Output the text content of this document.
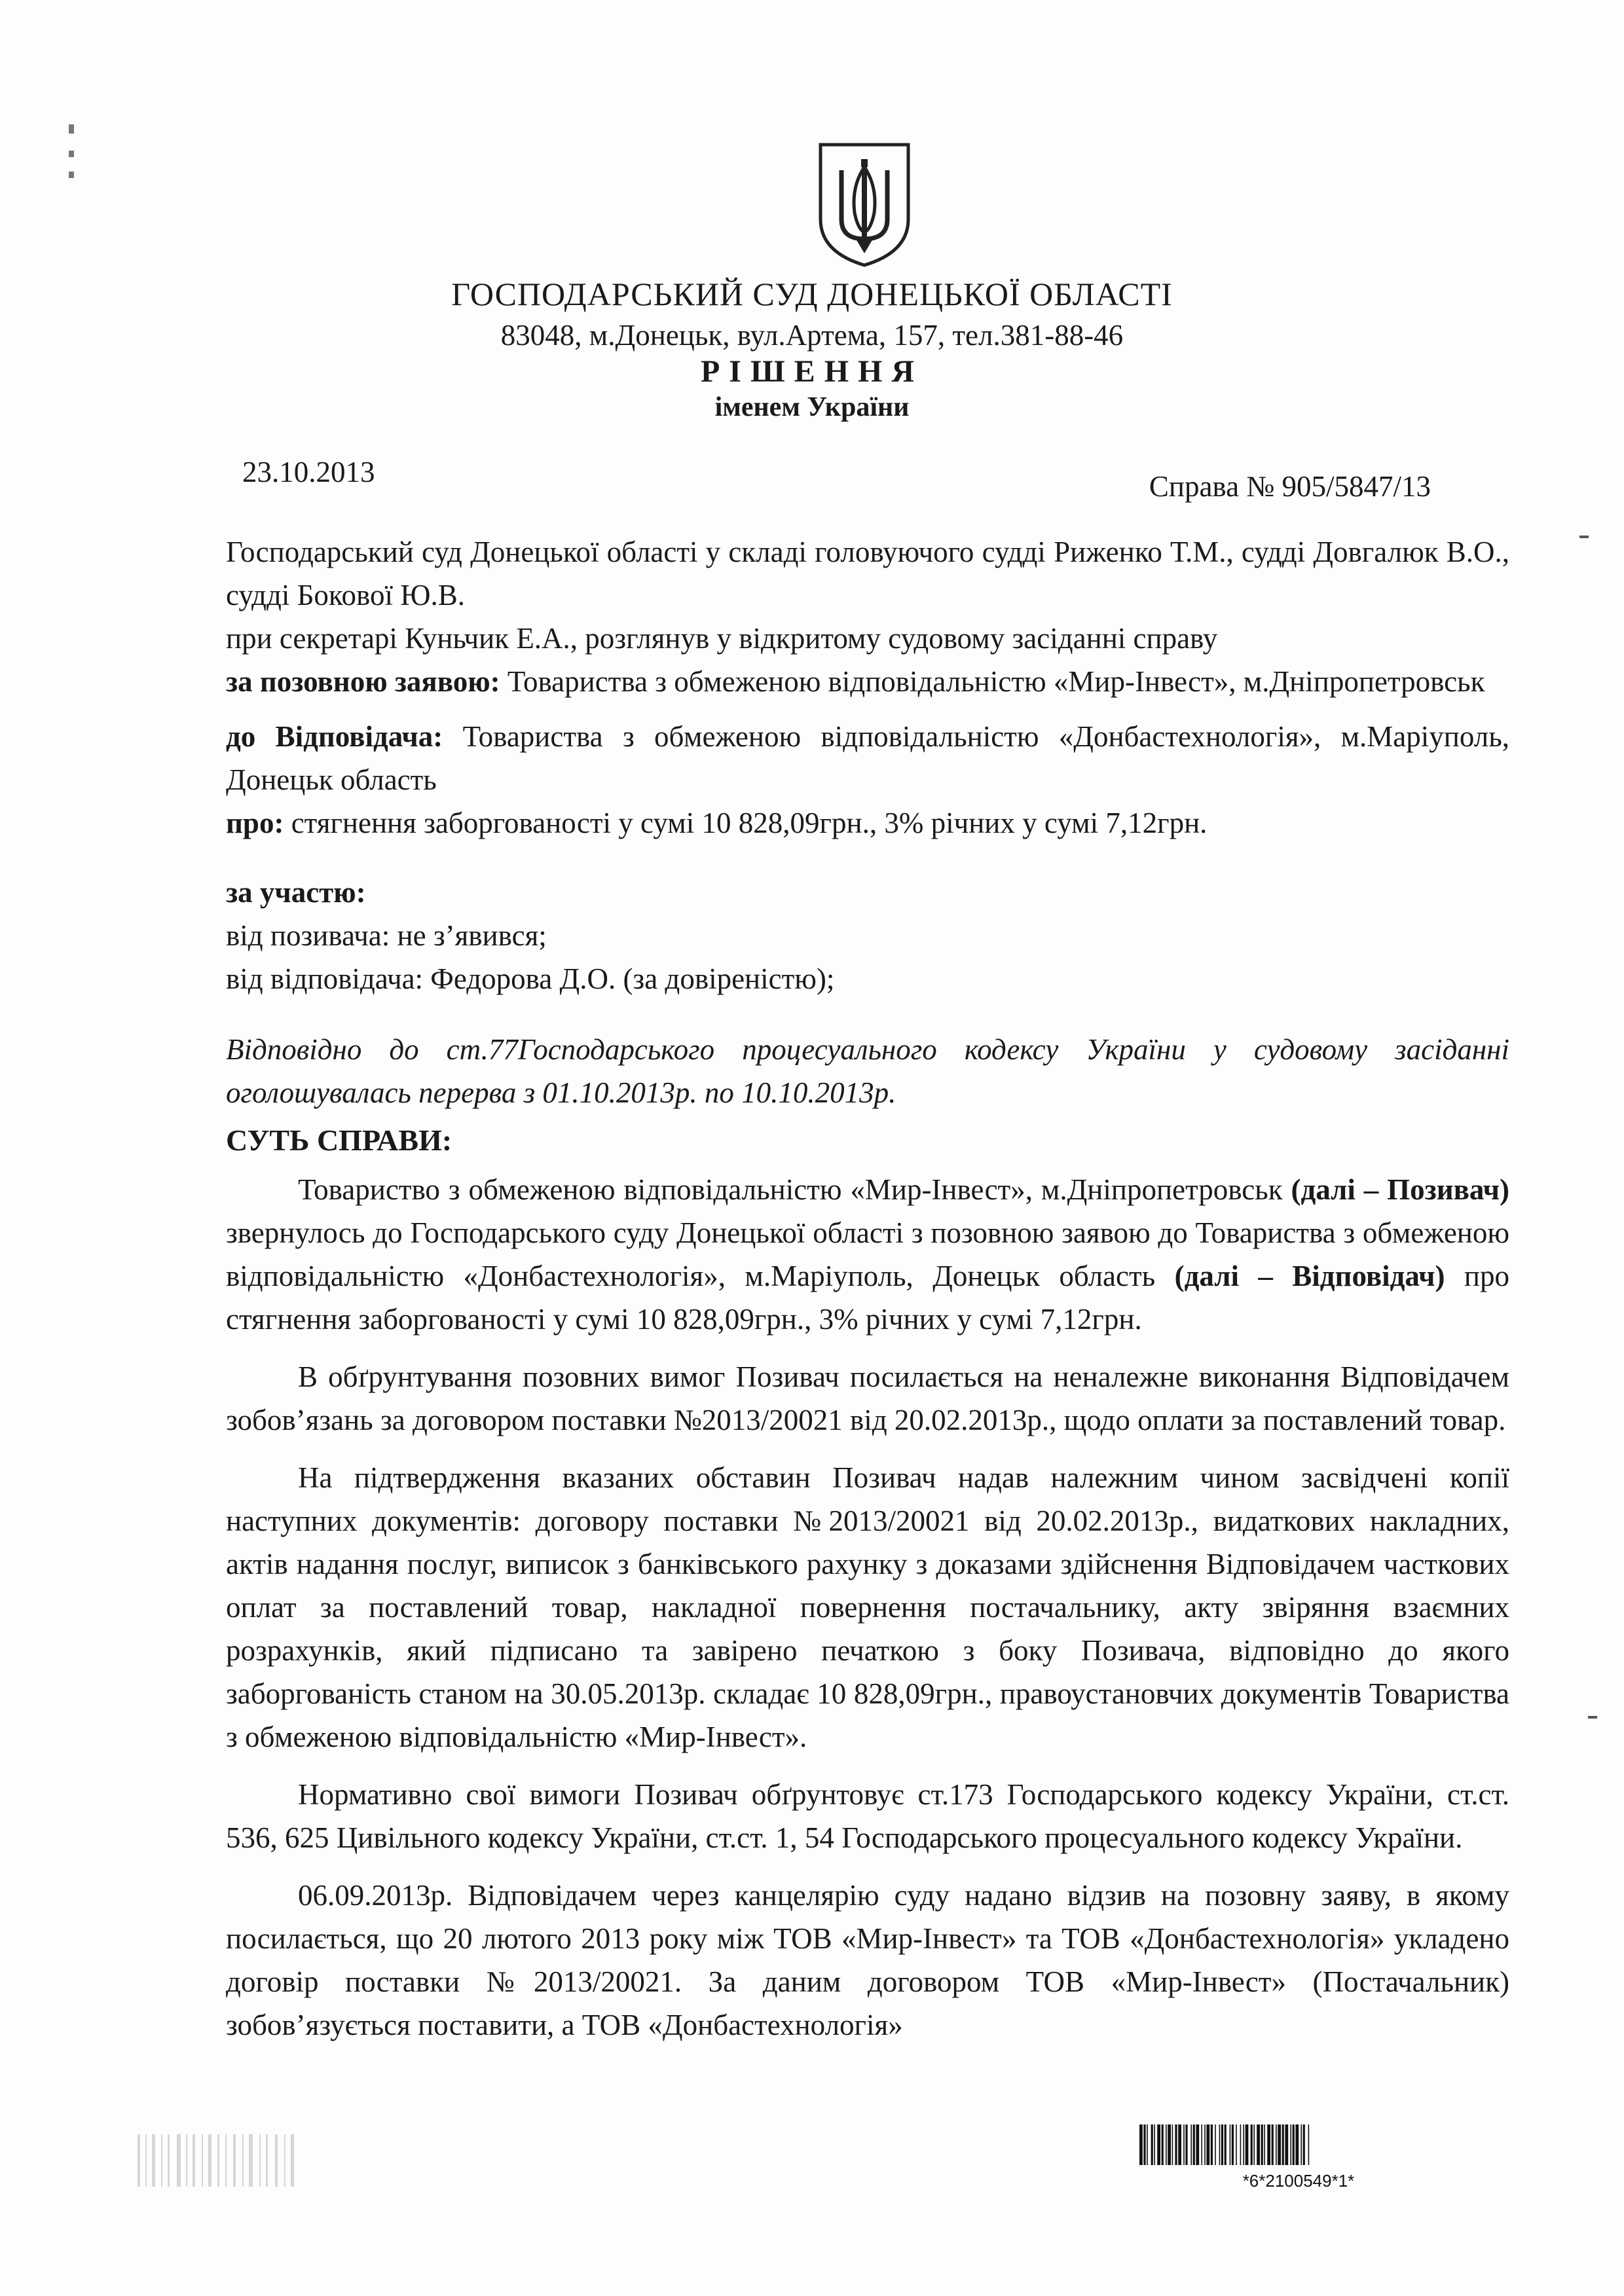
ГОСПОДАРСЬКИЙ СУД ДОНЕЦЬКОЇ ОБЛАСТІ
83048, м.Донецьк, вул.Артема, 157, тел.381-88-46
РІШЕННЯ
іменем України
23.10.2013	Справа № 905/5847/13

Господарський суд Донецької області у складі головуючого судді Риженко Т.М., судді Довгалюк В.О., судді Бокової Ю.В.

при секретарі Куньчик Е.А., розглянув у відкритому судовому засіданні справу

за позовною заявою: Товариства з обмеженою відповідальністю «Мир-Інвест», м.Дніпропетровськ

до Відповідача: Товариства з обмеженою відповідальністю «Донбастехнологія», м.Маріуполь, Донецьк область

про: стягнення заборгованості у сумі 10 828,09грн., 3% річних у сумі 7,12грн.

за участю:

від позивача: не з’явився;

від відповідача: Федорова Д.О. (за довіреністю);

Відповідно до ст.77Господарського процесуального кодексу України у судовому засіданні оголошувалась перерва з 01.10.2013р. по 10.10.2013р.
СУТЬ СПРАВИ:

Товариство з обмеженою відповідальністю «Мир-Інвест», м.Дніпропетровськ (далі – Позивач) звернулось до Господарського суду Донецької області з позовною заявою до Товариства з обмеженою відповідальністю «Донбастехнологія», м.Маріуполь, Донецьк область (далі – Відповідач) про стягнення заборгованості у сумі 10 828,09грн., 3% річних у сумі 7,12грн.

В обґрунтування позовних вимог Позивач посилається на неналежне виконання Відповідачем зобов’язань за договором поставки №2013/20021 від 20.02.2013р., щодо оплати за поставлений товар.

На підтвердження вказаних обставин Позивач надав належним чином засвідчені копії наступних документів: договору поставки №2013/20021 від 20.02.2013р., видаткових накладних, актів надання послуг, виписок з банківського рахунку з доказами здійснення Відповідачем часткових оплат за поставлений товар, накладної повернення постачальнику, акту звіряння взаємних розрахунків, який підписано та завірено печаткою з боку Позивача, відповідно до якого заборгованість станом на 30.05.2013р. складає 10 828,09грн., правоустановчих документів Товариства з обмеженою відповідальністю «Мир-Інвест».

Нормативно свої вимоги Позивач обґрунтовує ст.173 Господарського кодексу України, ст.ст. 536, 625 Цивільного кодексу України, ст.ст. 1, 54 Господарського процесуального кодексу України.

06.09.2013р. Відповідачем через канцелярію суду надано відзив на позовну заяву, в якому посилається, що 20 лютого 2013 року між ТОВ «Мир-Інвест» та ТОВ «Донбастехнологія» укладено договір поставки №2013/20021. За даним договором ТОВ «Мир-Інвест» (Постачальник) зобов’язується поставити, а ТОВ «Донбастехнологія»

*6*2100549*1*
